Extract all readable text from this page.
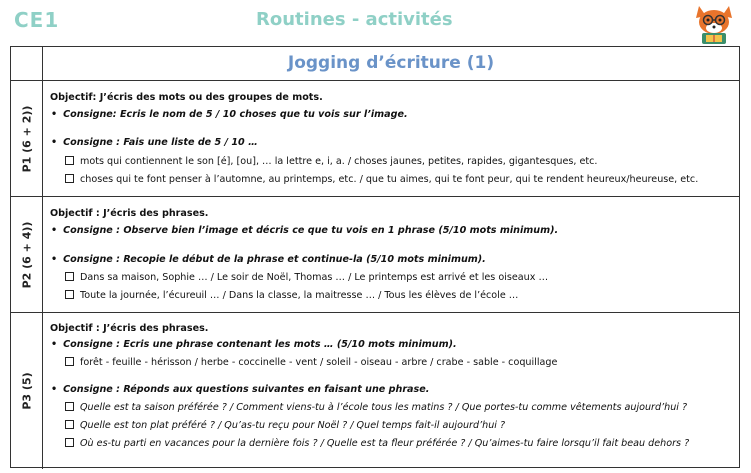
CE1	Routines - activités
Jogging d’écriture (1)
P1 (6 + 2))
Objectif: J’écris des mots ou des groupes de mots.
• Consigne: Ecris le nom de 5 / 10 choses que tu vois sur l’image.
• Consigne : Fais une liste de 5 / 10 …
mots qui contiennent le son [é], [ou], … la lettre e, i, a. / choses jaunes, petites, rapides, gigantesques, etc.
choses qui te font penser à l’automne, au printemps, etc. / que tu aimes, qui te font peur, qui te rendent heureux/heureuse, etc.
P2 (6 + 4))
Objectif : J’écris des phrases.
• Consigne : Observe bien l’image et décris ce que tu vois en 1 phrase (5/10 mots minimum).
• Consigne : Recopie le début de la phrase et continue-la (5/10 mots minimum).
Dans sa maison, Sophie … / Le soir de Noël, Thomas … / Le printemps est arrivé et les oiseaux …
Toute la journée, l’écureuil … / Dans la classe, la maitresse … / Tous les élèves de l’école …
P3 (5)
Objectif : J’écris des phrases.
• Consigne : Ecris une phrase contenant les mots … (5/10 mots minimum).
forêt - feuille - hérisson / herbe - coccinelle - vent / soleil - oiseau - arbre / crabe - sable - coquillage
• Consigne : Réponds aux questions suivantes en faisant une phrase.
Quelle est ta saison préférée ? / Comment viens-tu à l’école tous les matins ? / Que portes-tu comme vêtements aujourd’hui ?
Quelle est ton plat préféré ? / Qu’as-tu reçu pour Noël ? / Quel temps fait-il aujourd’hui ?
Où es-tu parti en vacances pour la dernière fois ? / Quelle est ta fleur préférée ? / Qu’aimes-tu faire lorsqu’il fait beau dehors ?
